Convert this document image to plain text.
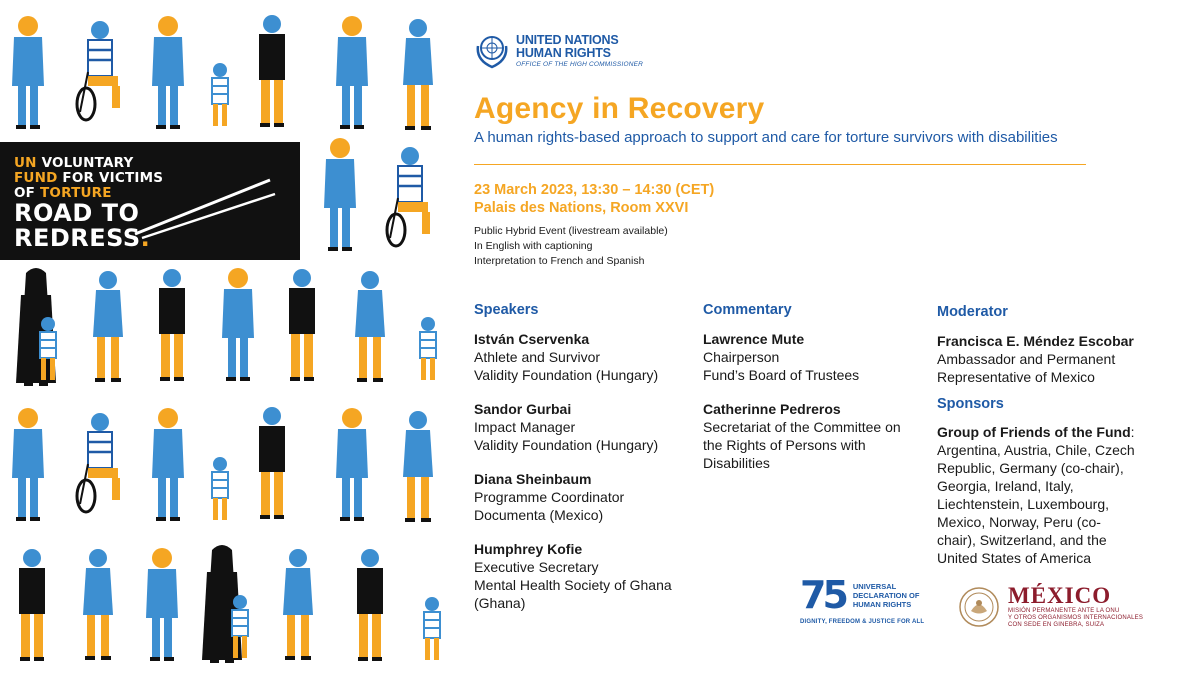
UN VOLUNTARY
FUND FOR VICTIMS
OF TORTURE
ROAD TO
REDRESS.
UNITED NATIONS
HUMAN RIGHTS
OFFICE OF THE HIGH COMMISSIONER
Agency in Recovery
A human rights-based approach to support and care for torture survivors with disabilities
23 March 2023, 13:30 – 14:30 (CET)
Palais des Nations, Room XXVI
Public Hybrid Event (livestream available)
In English with captioning
Interpretation to French and Spanish
Speakers
István Cservenka
Athlete and Survivor
Validity Foundation (Hungary)
Sandor Gurbai
Impact Manager
Validity Foundation (Hungary)
Diana Sheinbaum
Programme Coordinator
Documenta (Mexico)
Humphrey Kofie
Executive Secretary
Mental Health Society of Ghana
(Ghana)
Commentary
Lawrence Mute
Chairperson
Fund’s Board of Trustees
Catherinne Pedreros
Secretariat of the Committee on
the Rights of Persons with
Disabilities
Moderator
Francisca E. Méndez Escobar
Ambassador and Permanent
Representative of Mexico
Sponsors
Group of Friends of the Fund:
Argentina, Austria, Chile, Czech
Republic, Germany (co-chair),
Georgia, Ireland, Italy,
Liechtenstein, Luxembourg,
Mexico, Norway, Peru (co-
chair), Switzerland, and the
United States of America
75 UNIVERSAL
DECLARATION OF
HUMAN RIGHTS
DIGNITY, FREEDOM & JUSTICE FOR ALL
MÉXICO
MISIÓN PERMANENTE ANTE LA ONU
Y OTROS ORGANISMOS INTERNACIONALES
CON SEDE EN GINEBRA, SUIZA
